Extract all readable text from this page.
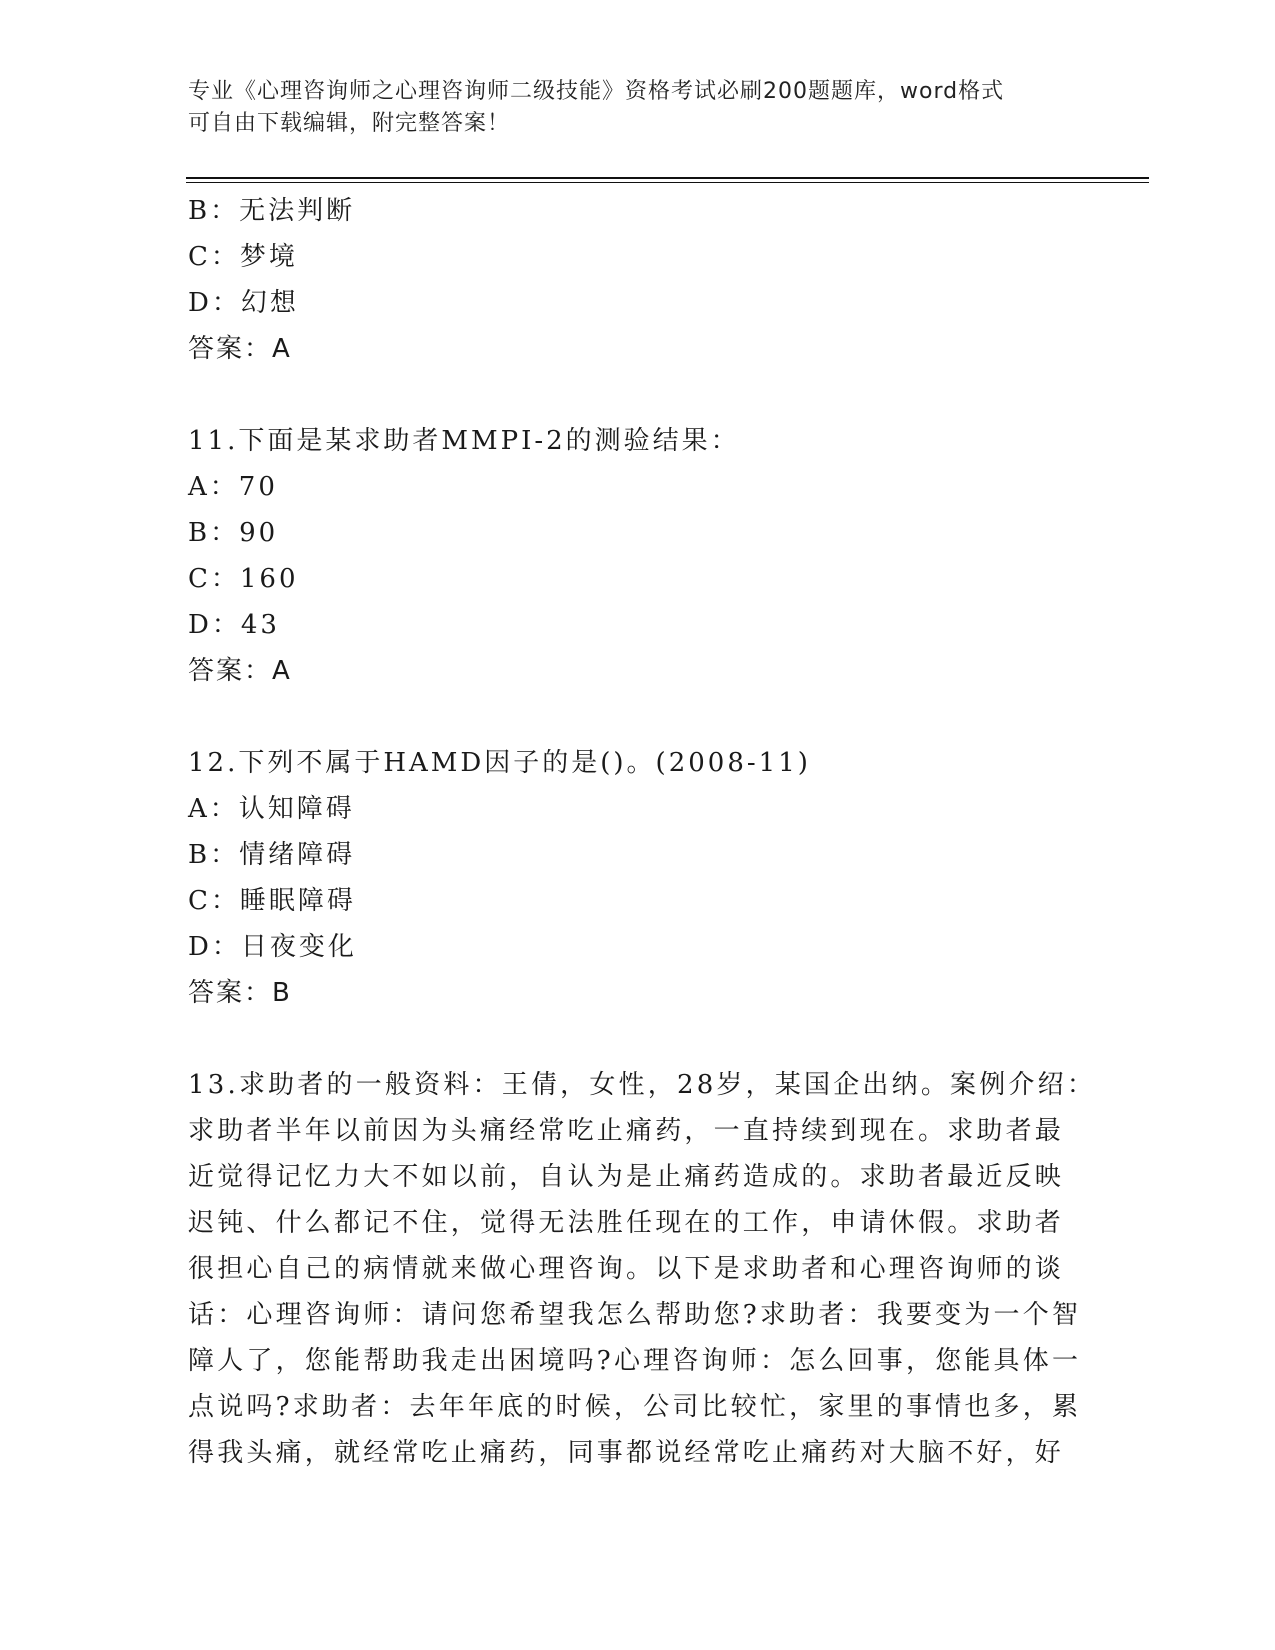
专业《心理咨询师之心理咨询师二级技能》资格考试必刷200题题库，word格式
可自由下载编辑，附完整答案！
B：无法判断
C：梦境
D：幻想
答案：A
11.下面是某求助者MMPI-2的测验结果：
A：70
B：90
C：160
D：43
答案：A
12.下列不属于HAMD因子的是()。(2008-11)
A：认知障碍
B：情绪障碍
C：睡眠障碍
D：日夜变化
答案：B
13.求助者的一般资料：王倩，女性，28岁，某国企出纳。案例介绍：
求助者半年以前因为头痛经常吃止痛药，一直持续到现在。求助者最
近觉得记忆力大不如以前，自认为是止痛药造成的。求助者最近反映
迟钝、什么都记不住，觉得无法胜任现在的工作，申请休假。求助者
很担心自己的病情就来做心理咨询。以下是求助者和心理咨询师的谈
话：心理咨询师：请问您希望我怎么帮助您?求助者：我要变为一个智
障人了，您能帮助我走出困境吗?心理咨询师：怎么回事，您能具体一
点说吗?求助者：去年年底的时候，公司比较忙，家里的事情也多，累
得我头痛，就经常吃止痛药，同事都说经常吃止痛药对大脑不好，好
